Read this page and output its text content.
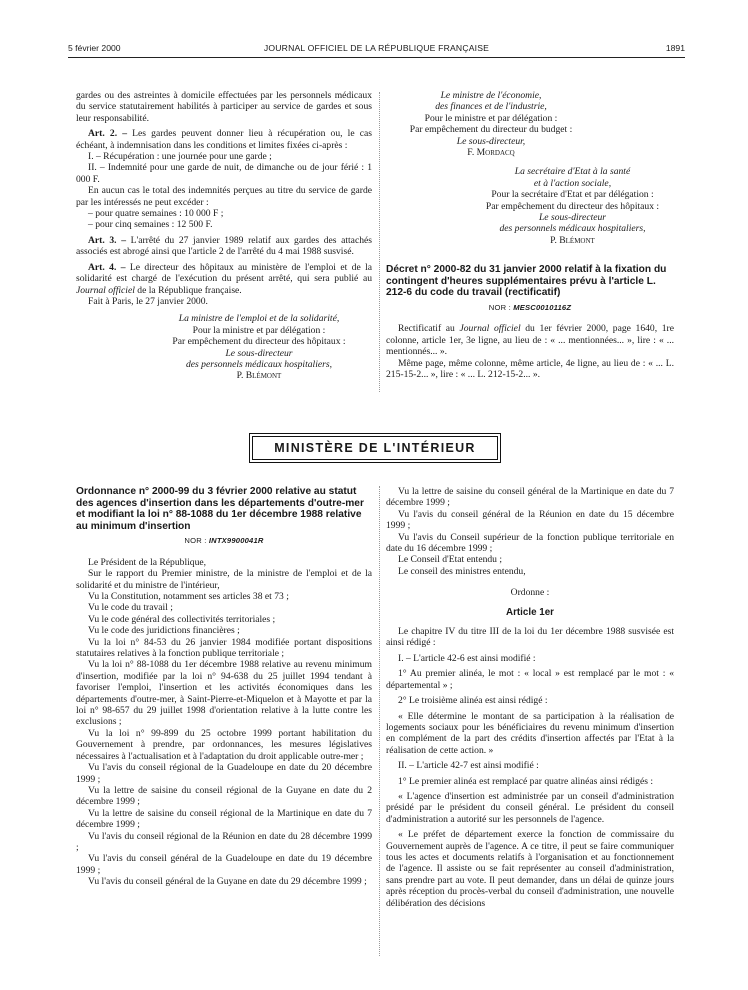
5 février 2000	JOURNAL OFFICIEL DE LA RÉPUBLIQUE FRANÇAISE	1891

gardes ou des astreintes à domicile effectuées par les personnels médicaux du service statutairement habilités à participer au service de gardes et sous leur responsabilité.

Art. 2. – Les gardes peuvent donner lieu à récupération ou, le cas échéant, à indemnisation dans les conditions et limites fixées ci-après :

I. – Récupération : une journée pour une garde ;

II. – Indemnité pour une garde de nuit, de dimanche ou de jour férié : 1 000 F.

En aucun cas le total des indemnités perçues au titre du service de garde par les intéressés ne peut excéder :

– pour quatre semaines : 10 000 F ;

– pour cinq semaines : 12 500 F.

Art. 3. – L'arrêté du 27 janvier 1989 relatif aux gardes des attachés associés est abrogé ainsi que l'article 2 de l'arrêté du 4 mai 1988 susvisé.

Art. 4. – Le directeur des hôpitaux au ministère de l'emploi et de la solidarité est chargé de l'exécution du présent arrêté, qui sera publié au Journal officiel de la République française.

Fait à Paris, le 27 janvier 2000.

La ministre de l'emploi et de la solidarité,

Pour la ministre et par délégation :

Par empêchement du directeur des hôpitaux :

Le sous-directeur

des personnels médicaux hospitaliers,

P. Blémont

Le ministre de l'économie,

des finances et de l'industrie,

Pour le ministre et par délégation :

Par empêchement du directeur du budget :

Le sous-directeur,

F. Mordacq

La secrétaire d'Etat à la santé

et à l'action sociale,

Pour la secrétaire d'Etat et par délégation :

Par empêchement du directeur des hôpitaux :

Le sous-directeur

des personnels médicaux hospitaliers,

P. Blémont

Décret n° 2000-82 du 31 janvier 2000 relatif à la fixation du contingent d'heures supplémentaires prévu à l'article L. 212-6 du code du travail (rectificatif)

NOR : MESC0010116Z

Rectificatif au Journal officiel du 1er février 2000, page 1640, 1re colonne, article 1er, 3e ligne, au lieu de : « ... mentionnées... », lire : « ... mentionnés... ».

Même page, même colonne, même article, 4e ligne, au lieu de : « ... L. 215-15-2... », lire : « ... L. 212-15-2... ».

MINISTÈRE DE L'INTÉRIEUR

Ordonnance n° 2000-99 du 3 février 2000 relative au statut des agences d'insertion dans les départements d'outre-mer et modifiant la loi n° 88-1088 du 1er décembre 1988 relative au minimum d'insertion

NOR : INTX9900041R

Le Président de la République,

Sur le rapport du Premier ministre, de la ministre de l'emploi et de la solidarité et du ministre de l'intérieur,

Vu la Constitution, notamment ses articles 38 et 73 ;

Vu le code du travail ;

Vu le code général des collectivités territoriales ;

Vu le code des juridictions financières ;

Vu la loi n° 84-53 du 26 janvier 1984 modifiée portant dispositions statutaires relatives à la fonction publique territoriale ;

Vu la loi n° 88-1088 du 1er décembre 1988 relative au revenu minimum d'insertion, modifiée par la loi n° 94-638 du 25 juillet 1994 tendant à favoriser l'emploi, l'insertion et les activités économiques dans les départements d'outre-mer, à Saint-Pierre-et-Miquelon et à Mayotte et par la loi n° 98-657 du 29 juillet 1998 d'orientation relative à la lutte contre les exclusions ;

Vu la loi n° 99-899 du 25 octobre 1999 portant habilitation du Gouvernement à prendre, par ordonnances, les mesures législatives nécessaires à l'actualisation et à l'adaptation du droit applicable outre-mer ;

Vu l'avis du conseil régional de la Guadeloupe en date du 20 décembre 1999 ;

Vu la lettre de saisine du conseil régional de la Guyane en date du 2 décembre 1999 ;

Vu la lettre de saisine du conseil régional de la Martinique en date du 7 décembre 1999 ;

Vu l'avis du conseil régional de la Réunion en date du 28 décembre 1999 ;

Vu l'avis du conseil général de la Guadeloupe en date du 19 décembre 1999 ;

Vu l'avis du conseil général de la Guyane en date du 29 décembre 1999 ;

Vu la lettre de saisine du conseil général de la Martinique en date du 7 décembre 1999 ;

Vu l'avis du conseil général de la Réunion en date du 15 décembre 1999 ;

Vu l'avis du Conseil supérieur de la fonction publique territoriale en date du 16 décembre 1999 ;

Le Conseil d'Etat entendu ;

Le conseil des ministres entendu,

Ordonne :

Article 1er

Le chapitre IV du titre III de la loi du 1er décembre 1988 susvisée est ainsi rédigé :

I. – L'article 42-6 est ainsi modifié :

1° Au premier alinéa, le mot : « local » est remplacé par le mot : « départemental » ;

2° Le troisième alinéa est ainsi rédigé :

« Elle détermine le montant de sa participation à la réalisation de logements sociaux pour les bénéficiaires du revenu minimum d'insertion en complément de la part des crédits d'insertion affectés par l'Etat à la réalisation de cette action. »

II. – L'article 42-7 est ainsi modifié :

1° Le premier alinéa est remplacé par quatre alinéas ainsi rédigés :

« L'agence d'insertion est administrée par un conseil d'administration présidé par le président du conseil général. Le président du conseil d'administration a autorité sur les personnels de l'agence.

« Le préfet de département exerce la fonction de commissaire du Gouvernement auprès de l'agence. A ce titre, il peut se faire communiquer tous les actes et documents relatifs à l'organisation et au fonctionnement de l'agence. Il assiste ou se fait représenter au conseil d'administration, sans prendre part au vote. Il peut demander, dans un délai de quinze jours après réception du procès-verbal du conseil d'administration, une nouvelle délibération des décisions
